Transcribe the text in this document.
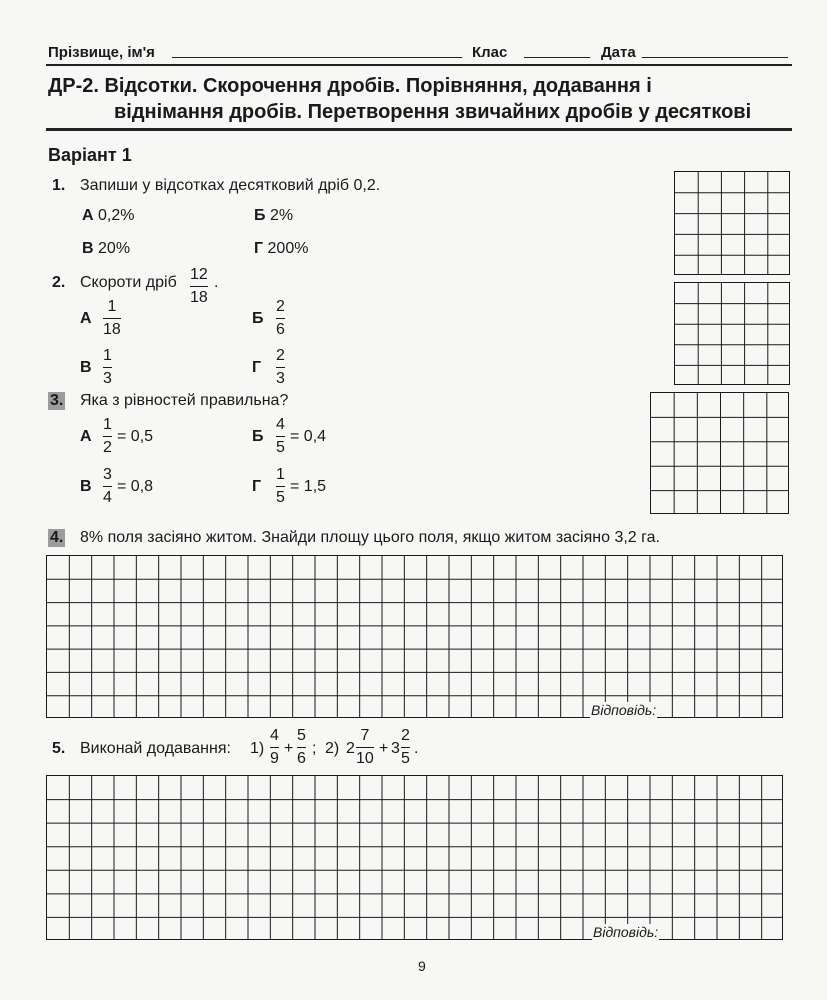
Прізвище, ім'я	Клас	Дата
ДР-2. Відсотки. Скорочення дробів. Порівняння, додавання і
віднімання дробів. Перетворення звичайних дробів у десяткові
Варіант 1
1. Запиши у відсотках десятковий дріб 0,2.
А 0,2%	Б 2%
В 20%	Г 200%
2. Скороти дріб 12
18
.
А
1
18
Б
2
6
В
1
3
Г
2
3
3. Яка з рівностей правильна?
А
1
2
= 0,5	Б
4
5
= 0,4
В
3
4
= 0,8	Г
1
5
= 1,5
4. 8% поля засіяно житом. Знайди площу цього поля, якщо житом засіяно 3,2 га.
Відповідь:
5. Виконай додавання: 1)
4
9
+
5
6
; 2) 2
7
10
+ 3
2
5
.
Відповідь:
9
